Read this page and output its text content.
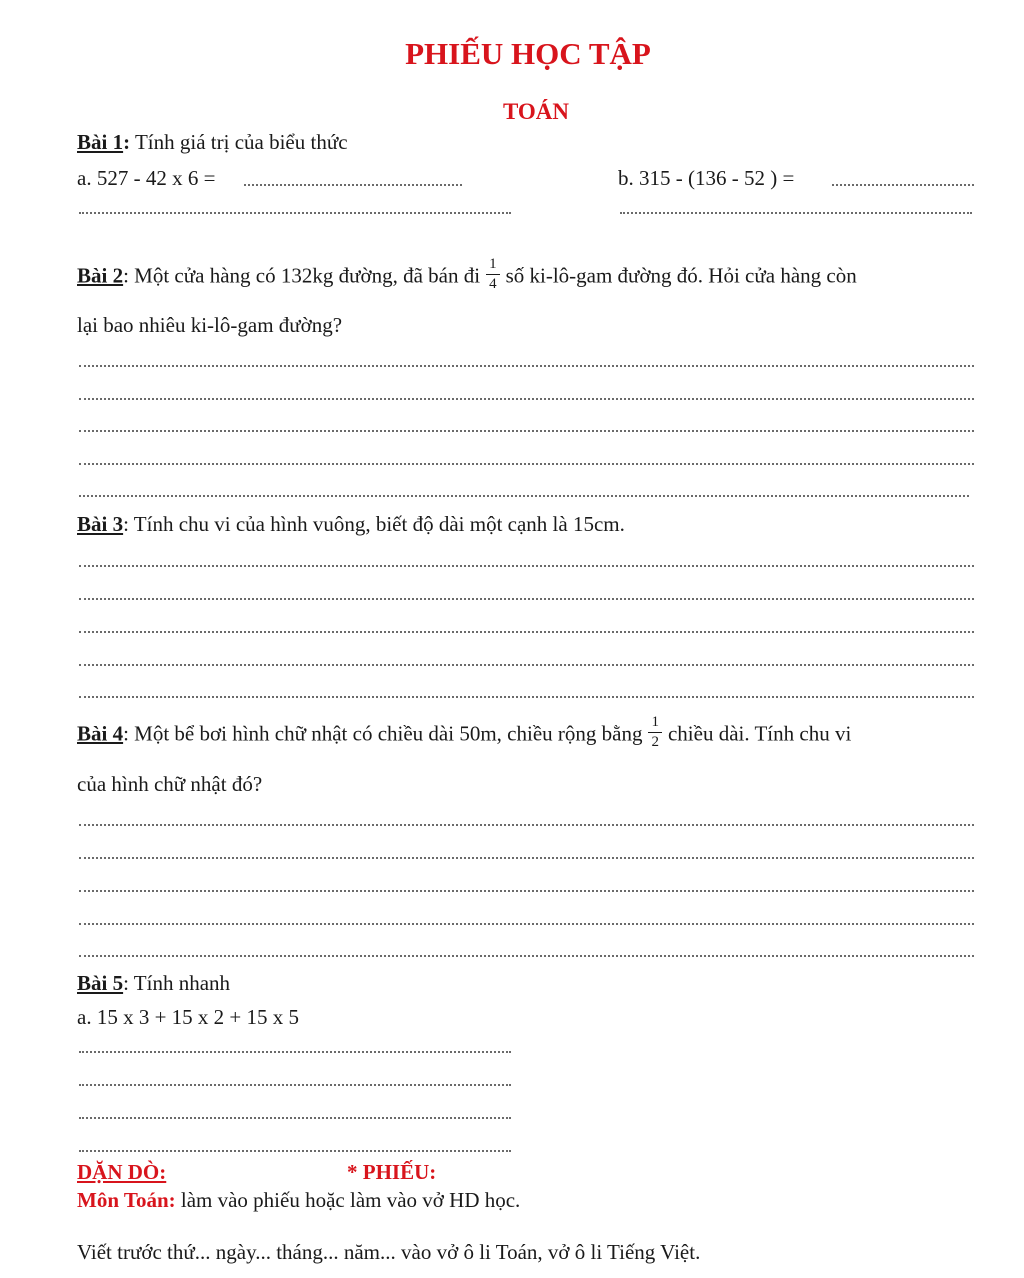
PHIẾU HỌC TẬP
TOÁN
Bài 1: Tính giá trị của biểu thức
a. 527 - 42 x 6 =	b. 315 - (136 - 52 ) =
Bài 2: Một cửa hàng có 132kg đường, đã bán đi $\frac{1}{4}$ số ki-lô-gam đường đó. Hỏi cửa hàng còn
lại bao nhiêu ki-lô-gam đường?
Bài 3: Tính chu vi của hình vuông, biết độ dài một cạnh là 15cm.
Bài 4: Một bể bơi hình chữ nhật có chiều dài 50m, chiều rộng bằng $\frac{1}{2}$ chiều dài. Tính chu vi
của hình chữ nhật đó?
Bài 5: Tính nhanh
a. 15 x 3 + 15 x 2 + 15 x 5
DẶN DÒ:	* PHIẾU:
Môn Toán: làm vào phiếu hoặc làm vào vở HD học.
Viết trước thứ... ngày... tháng... năm... vào vở ô li Toán, vở ô li Tiếng Việt.
